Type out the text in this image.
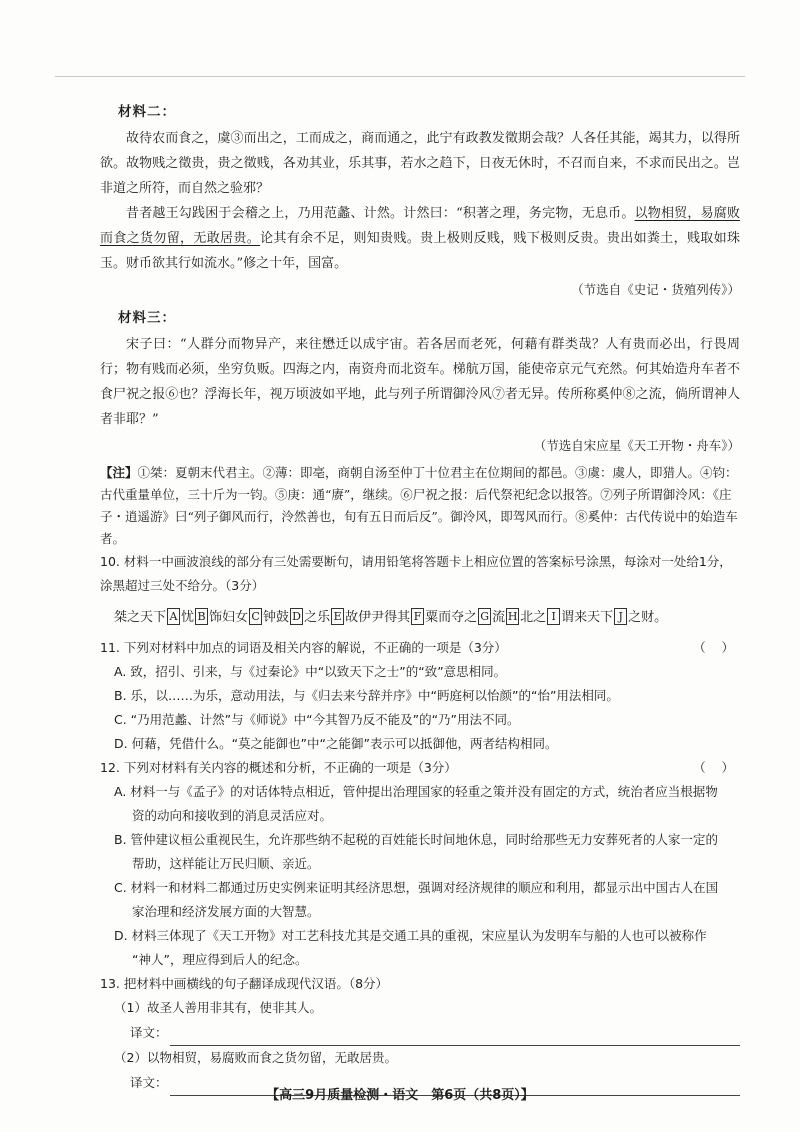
材料二：

故待农而食之，虞③而出之，工而成之，商而通之，此宁有政教发徵期会哉？人各任其能，竭其力，以得所欲。故物贱之徵贵，贵之徵贱，各劝其业，乐其事，若水之趋下，日夜无休时，不召而自来，不求而民出之。岂非道之所符，而自然之验邪？

昔者越王勾践困于会稽之上，乃用范蠡、计然。计然曰：“积著之理，务完物，无息币。以物相贸，易腐败而食之货勿留，无敢居贵。论其有余不足，则知贵贱。贵上极则反贱，贱下极则反贵。贵出如粪土，贱取如珠玉。财币欲其行如流水。”修之十年，国富。

（节选自《史记・货殖列传》）
材料三：

宋子曰：“人群分而物异产，来往懋迁以成宇宙。若各居而老死，何藉有群类哉？人有贵而必出，行畏周行；物有贱而必须，坐穷负贩。四海之内，南资舟而北资车。梯航万国，能使帝京元气充然。何其始造舟车者不食尸祝之报⑥也？浮海长年，视万顷波如平地，此与列子所谓御泠风⑦者无异。传所称奚仲⑧之流，倘所谓神人者非耶？”

（节选自宋应星《天工开物・舟车》）

【注】①桀：夏朝末代君主。②薄：即亳，商朝自汤至仲丁十位君主在位期间的都邑。③虞：虞人，即猎人。④钧：古代重量单位，三十斤为一钧。⑤庚：通“赓”，继续。⑥尸祝之报：后代祭祀纪念以报答。⑦列子所谓御泠风：《庄子・逍遥游》曰“列子御风而行，泠然善也，旬有五日而后反”。御泠风，即驾风而行。⑧奚仲：古代传说中的始造车者。

10. 材料一中画波浪线的部分有三处需要断句，请用铅笔将答题卡上相应位置的答案标号涂黑，每涂对一处给1分，涂黑超过三处不给分。（3分）

桀之天下 A 忧 B 饰妇女 C 钟鼓 D 之乐 E 故伊尹得其 F 粟而夺之 G 流 H 北之 I 谓来天下 J 之财。
11. 下列对材料中加点的词语及相关内容的解说，不正确的一项是（3分）	（    ）
A. 致，招引、引来，与《过秦论》中“以致天下之士”的“致”意思相同。
B. 乐，以……为乐，意动用法，与《归去来兮辞并序》中“眄庭柯以怡颜”的“怡”用法相同。
C. “乃用范蠡、计然”与《师说》中“今其智乃反不能及”的“乃”用法不同。
D. 何藉，凭借什么。“莫之能御也”中“之能御”表示可以抵御他，两者结构相同。
12. 下列对材料有关内容的概述和分析，不正确的一项是（3分）	（    ）
A. 材料一与《孟子》的对话体特点相近，管仲提出治理国家的轻重之策并没有固定的方式，统治者应当根据物
资的动向和接收到的消息灵活应对。
B. 管仲建议桓公重视民生，允许那些纳不起税的百姓能长时间地休息，同时给那些无力安葬死者的人家一定的
帮助，这样能让万民归顺、亲近。
C. 材料一和材料二都通过历史实例来证明其经济思想，强调对经济规律的顺应和利用，都显示出中国古人在国
家治理和经济发展方面的大智慧。
D. 材料三体现了《天工开物》对工艺科技尤其是交通工具的重视，宋应星认为发明车与船的人也可以被称作
“神人”，理应得到后人的纪念。

13. 把材料中画横线的句子翻译成现代汉语。（8分）

（1）故圣人善用非其有，使非其人。
译文：
（2）以物相贸，易腐败而食之货勿留，无敢居贵。
译文：
【高三9月质量检测・语文　第6页（共8页）】
